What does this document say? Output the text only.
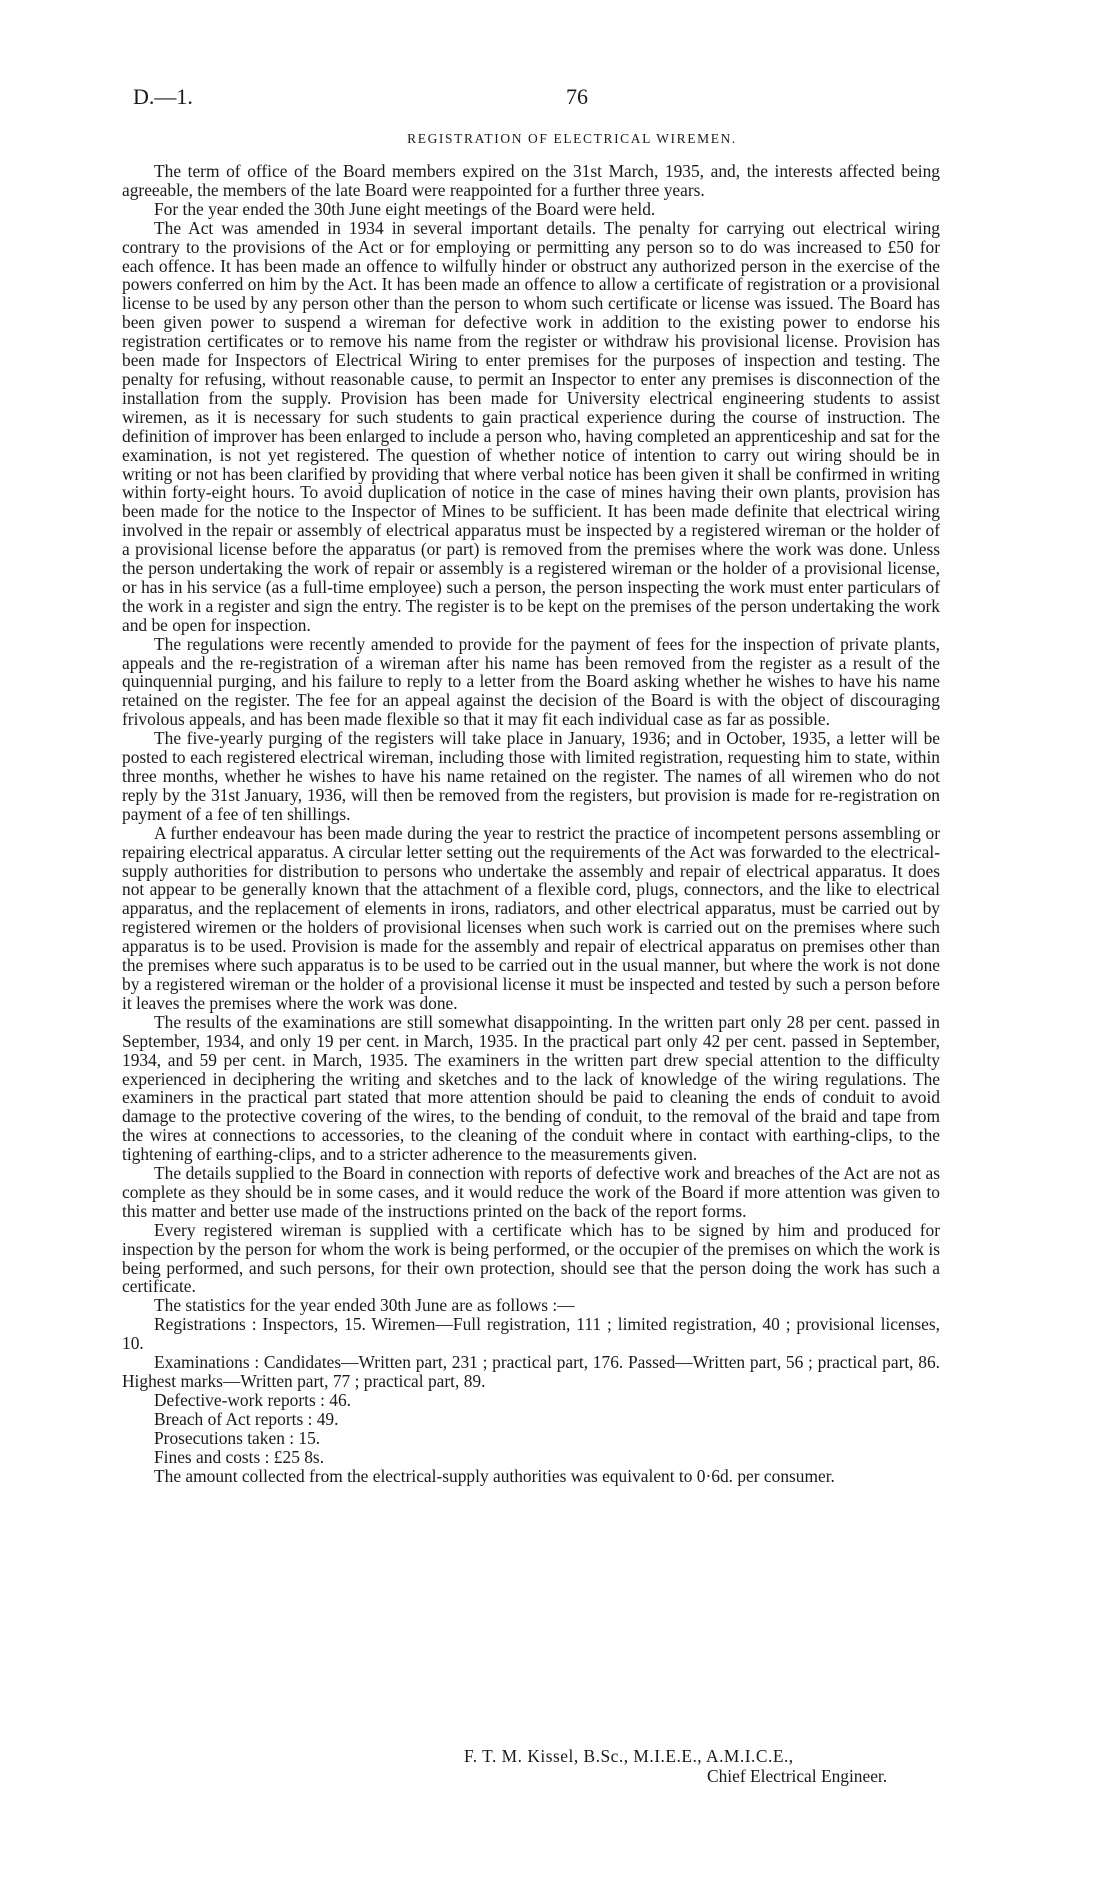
D.—1.	76
REGISTRATION OF ELECTRICAL WIREMEN.

The term of office of the Board members expired on the 31st March, 1935, and, the interests affected being agreeable, the members of the late Board were reappointed for a further three years.

For the year ended the 30th June eight meetings of the Board were held.

The Act was amended in 1934 in several important details. The penalty for carrying out electrical wiring contrary to the provisions of the Act or for employing or permitting any person so to do was increased to £50 for each offence. It has been made an offence to wilfully hinder or obstruct any authorized person in the exercise of the powers conferred on him by the Act. It has been made an offence to allow a certificate of registration or a provisional license to be used by any person other than the person to whom such certificate or license was issued. The Board has been given power to suspend a wireman for defective work in addition to the existing power to endorse his registration certificates or to remove his name from the register or withdraw his provisional license. Provision has been made for Inspectors of Electrical Wiring to enter premises for the purposes of inspection and testing. The penalty for refusing, without reasonable cause, to permit an Inspector to enter any premises is disconnection of the installation from the supply. Provision has been made for University electrical engineering students to assist wiremen, as it is necessary for such students to gain practical experience during the course of instruction. The definition of improver has been enlarged to include a person who, having completed an apprenticeship and sat for the examination, is not yet registered. The question of whether notice of intention to carry out wiring should be in writing or not has been clarified by providing that where verbal notice has been given it shall be confirmed in writing within forty-eight hours. To avoid duplication of notice in the case of mines having their own plants, provision has been made for the notice to the Inspector of Mines to be sufficient. It has been made definite that electrical wiring involved in the repair or assembly of electrical apparatus must be inspected by a registered wireman or the holder of a provisional license before the apparatus (or part) is removed from the premises where the work was done. Unless the person undertaking the work of repair or assembly is a registered wireman or the holder of a provisional license, or has in his service (as a full-time employee) such a person, the person inspecting the work must enter particulars of the work in a register and sign the entry. The register is to be kept on the premises of the person undertaking the work and be open for inspection.

The regulations were recently amended to provide for the payment of fees for the inspection of private plants, appeals and the re-registration of a wireman after his name has been removed from the register as a result of the quinquennial purging, and his failure to reply to a letter from the Board asking whether he wishes to have his name retained on the register. The fee for an appeal against the decision of the Board is with the object of discouraging frivolous appeals, and has been made flexible so that it may fit each individual case as far as possible.

The five-yearly purging of the registers will take place in January, 1936; and in October, 1935, a letter will be posted to each registered electrical wireman, including those with limited registration, requesting him to state, within three months, whether he wishes to have his name retained on the register. The names of all wiremen who do not reply by the 31st January, 1936, will then be removed from the registers, but provision is made for re-registration on payment of a fee of ten shillings.

A further endeavour has been made during the year to restrict the practice of incompetent persons assembling or repairing electrical apparatus. A circular letter setting out the requirements of the Act was forwarded to the electrical-supply authorities for distribution to persons who undertake the assembly and repair of electrical apparatus. It does not appear to be generally known that the attachment of a flexible cord, plugs, connectors, and the like to electrical apparatus, and the replacement of elements in irons, radiators, and other electrical apparatus, must be carried out by registered wiremen or the holders of provisional licenses when such work is carried out on the premises where such apparatus is to be used. Provision is made for the assembly and repair of electrical apparatus on premises other than the premises where such apparatus is to be used to be carried out in the usual manner, but where the work is not done by a registered wireman or the holder of a provisional license it must be inspected and tested by such a person before it leaves the premises where the work was done.

The results of the examinations are still somewhat disappointing. In the written part only 28 per cent. passed in September, 1934, and only 19 per cent. in March, 1935. In the practical part only 42 per cent. passed in September, 1934, and 59 per cent. in March, 1935. The examiners in the written part drew special attention to the difficulty experienced in deciphering the writing and sketches and to the lack of knowledge of the wiring regulations. The examiners in the practical part stated that more attention should be paid to cleaning the ends of conduit to avoid damage to the protective covering of the wires, to the bending of conduit, to the removal of the braid and tape from the wires at connections to accessories, to the cleaning of the conduit where in contact with earthing-clips, to the tightening of earthing-clips, and to a stricter adherence to the measurements given.

The details supplied to the Board in connection with reports of defective work and breaches of the Act are not as complete as they should be in some cases, and it would reduce the work of the Board if more attention was given to this matter and better use made of the instructions printed on the back of the report forms.

Every registered wireman is supplied with a certificate which has to be signed by him and produced for inspection by the person for whom the work is being performed, or the occupier of the premises on which the work is being performed, and such persons, for their own protection, should see that the person doing the work has such a certificate.

The statistics for the year ended 30th June are as follows :—

Registrations : Inspectors, 15. Wiremen—Full registration, 111 ; limited registration, 40 ; provisional licenses, 10.

Examinations : Candidates—Written part, 231 ; practical part, 176. Passed—Written part, 56 ; practical part, 86. Highest marks—Written part, 77 ; practical part, 89.

Defective-work reports : 46.

Breach of Act reports : 49.

Prosecutions taken : 15.

Fines and costs : £25 8s.

The amount collected from the electrical-supply authorities was equivalent to 0·6d. per consumer.

F. T. M. Kissel, B.Sc., M.I.E.E., A.M.I.C.E.,
Chief Electrical Engineer.
